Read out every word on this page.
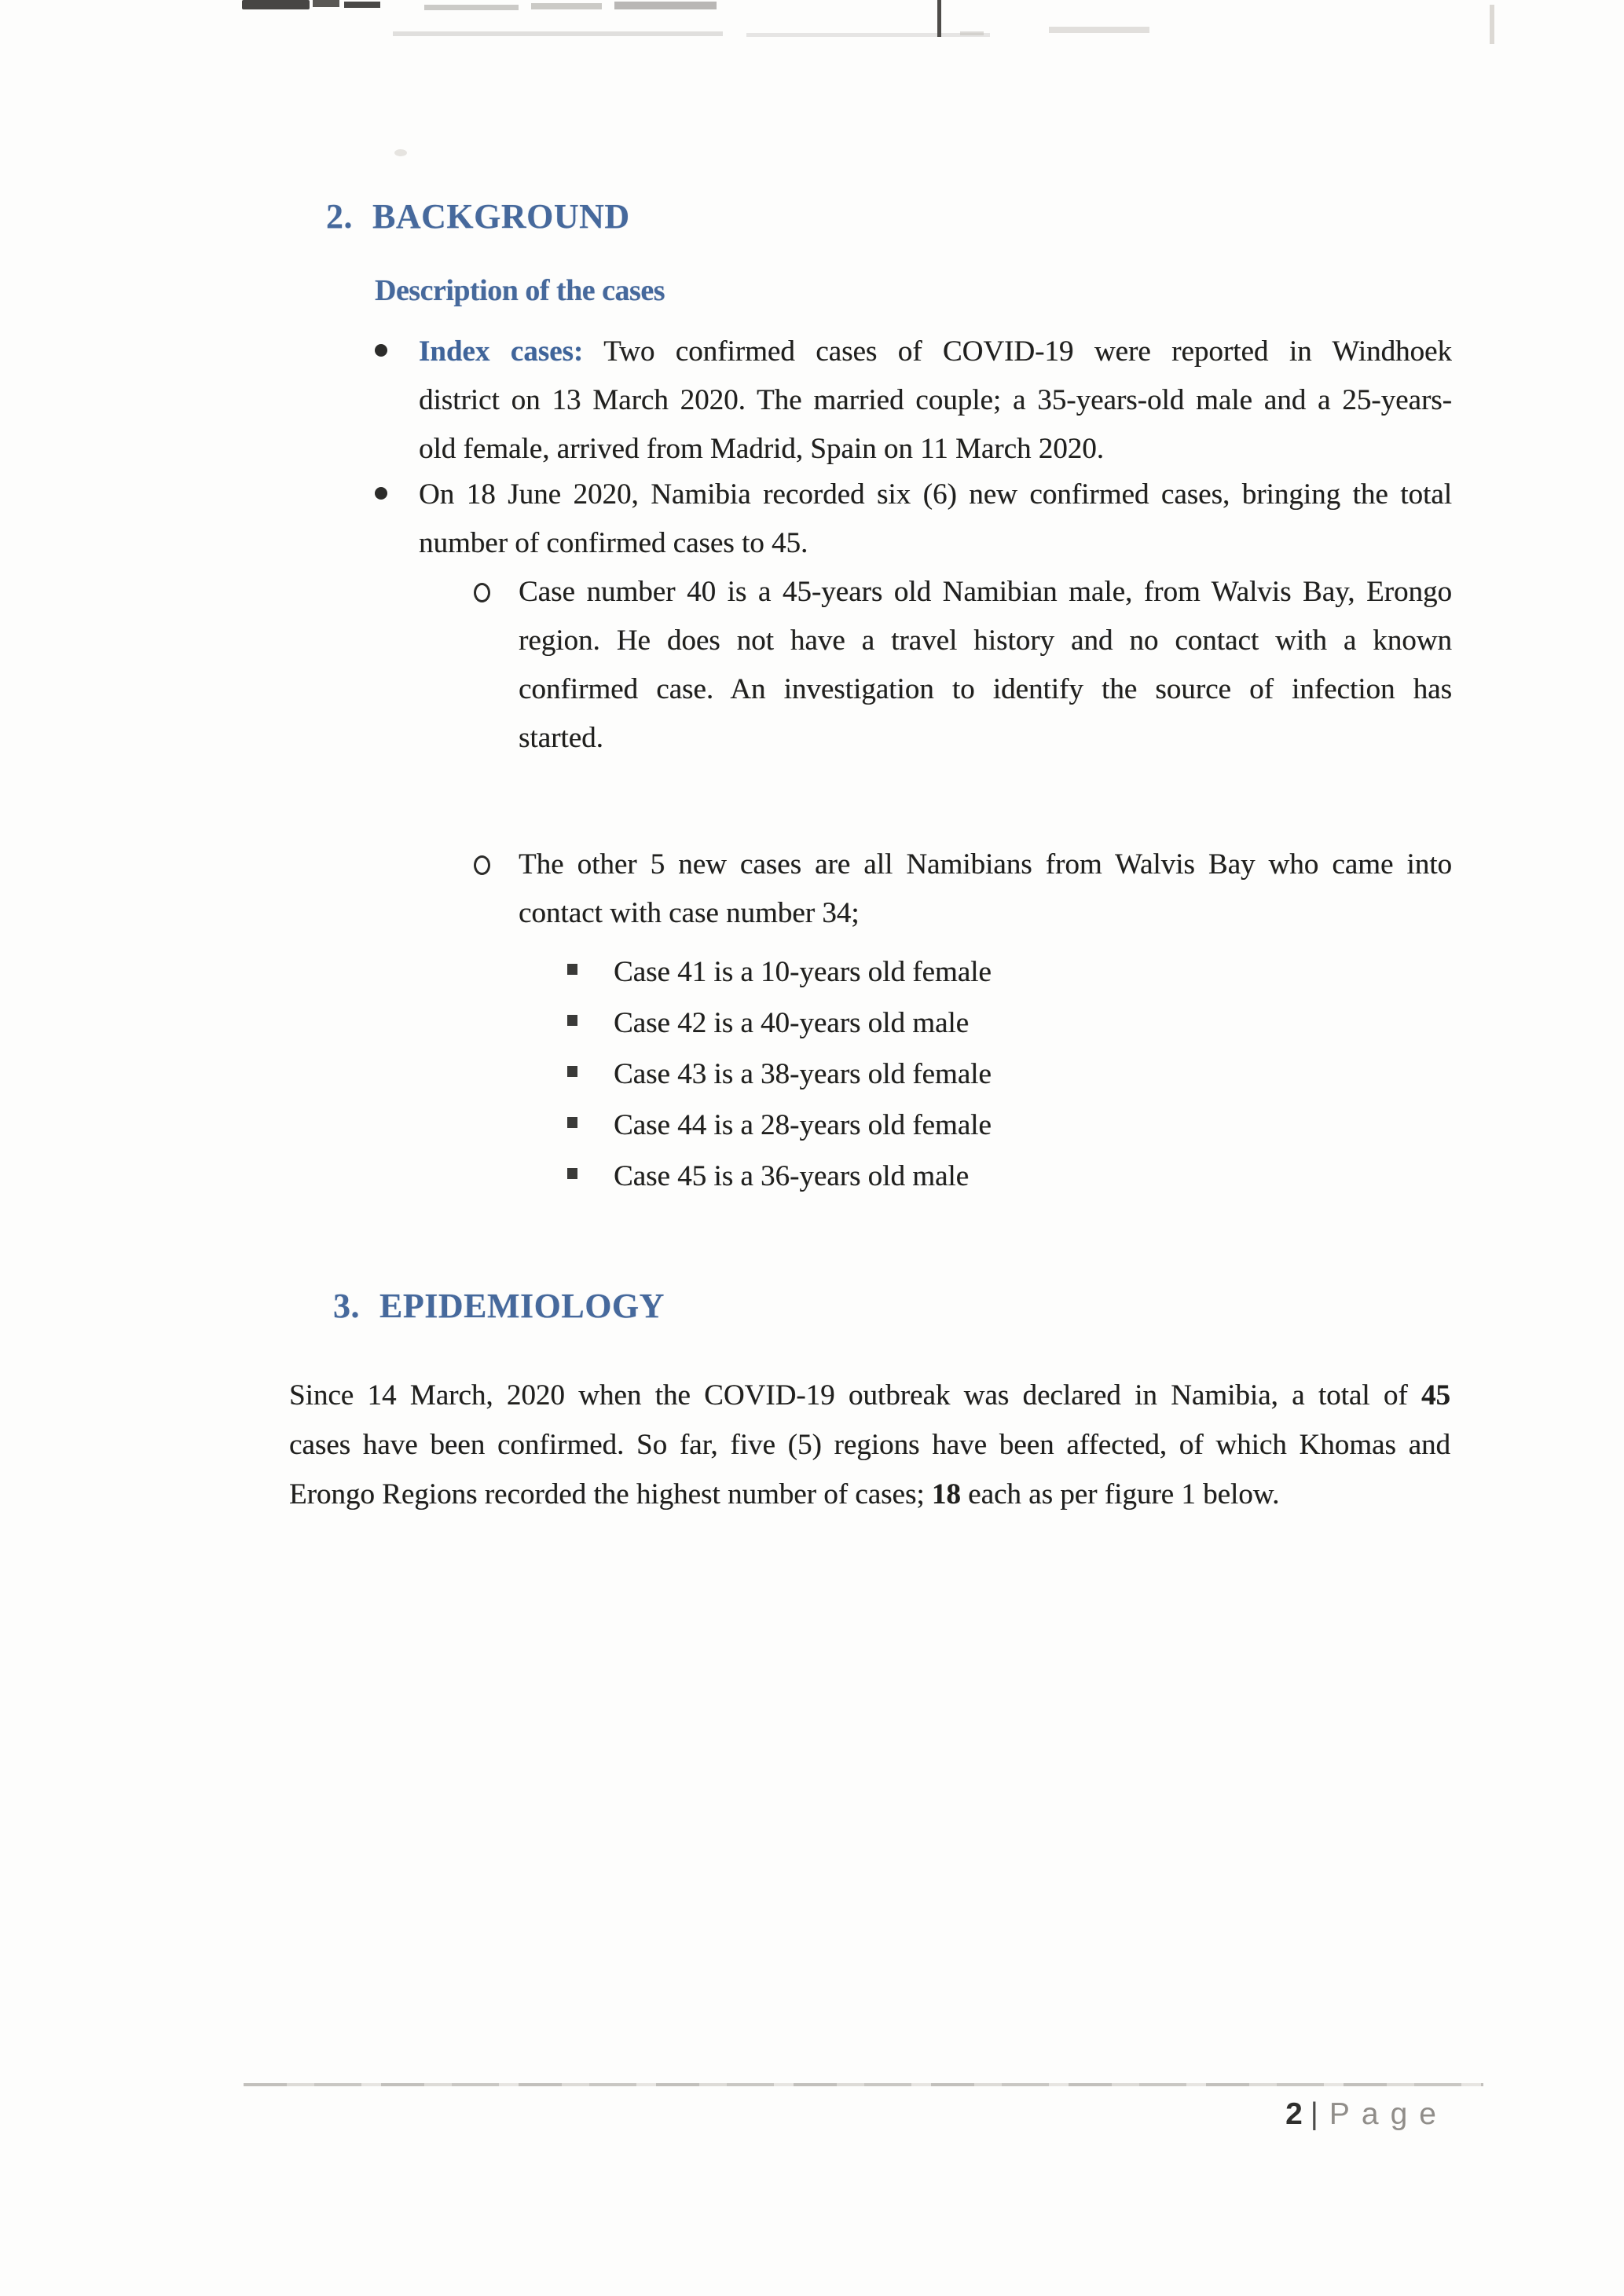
2. BACKGROUND
Description of the cases
Index cases: Two confirmed cases of COVID-19 were reported in Windhoek
district on 13 March 2020. The married couple; a 35-years-old male and a 25-years-
old female, arrived from Madrid, Spain on 11 March 2020.
On 18 June 2020, Namibia recorded six (6) new confirmed cases, bringing the total
number of confirmed cases to 45.
Case number 40 is a 45-years old Namibian male, from Walvis Bay, Erongo
region. He does not have a travel history and no contact with a known
confirmed case. An investigation to identify the source of infection has
started.
The other 5 new cases are all Namibians from Walvis Bay who came into
contact with case number 34;
Case 41 is a 10-years old female
Case 42 is a 40-years old male
Case 43 is a 38-years old female
Case 44 is a 28-years old female
Case 45 is a 36-years old male
3. EPIDEMIOLOGY
Since 14 March, 2020 when the COVID-19 outbreak was declared in Namibia, a total of 45
cases have been confirmed. So far, five (5) regions have been affected, of which Khomas and
Erongo Regions recorded the highest number of cases; 18 each as per figure 1 below.
2 | Page
